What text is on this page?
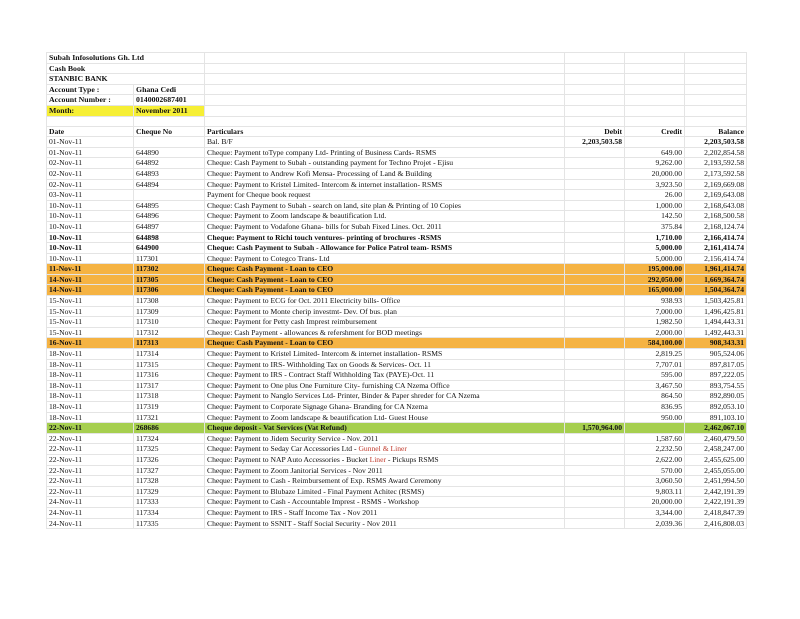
Subah Infosolutions Gh. Ltd					
Cash Book					
STANBIC BANK					
Account Type :	Ghana Cedi				
Account Number :	0140002687401				
Month:	November 2011				

Date	Cheque No	Particulars	Debit	Credit	Balance
01-Nov-11		Bal. B/F	2,203,503.58		2,203,503.58
01-Nov-11	644890	Cheque: Payment toType company Ltd- Printing of Business Cards- RSMS		649.00	2,202,854.58
02-Nov-11	644892	Cheque: Cash Payment to Subah - outstanding payment for Techno Projet - Ejisu		9,262.00	2,193,592.58
02-Nov-11	644893	Cheque: Payment to Andrew Kofi Mensa- Processing of Land & Building		20,000.00	2,173,592.58
02-Nov-11	644894	Cheque: Payment to Kristel Limited- Intercom & internet installation- RSMS		3,923.50	2,169,669.08
03-Nov-11		Payment for Cheque book request		26.00	2,169,643.08
10-Nov-11	644895	Cheque: Cash Payment to Subah - search on land, site plan & Printing of 10 Copies		1,000.00	2,168,643.08
10-Nov-11	644896	Cheque: Payment to Zoom landscape & beautification Ltd.		142.50	2,168,500.58
10-Nov-11	644897	Cheque: Payment to Vodafone Ghana- bills for Subah Fixed Lines. Oct. 2011		375.84	2,168,124.74
10-Nov-11	644898	Cheque: Payment to Richi touch ventures- printing of brochures -RSMS		1,710.00	2,166,414.74
10-Nov-11	644900	Cheque: Cash Payment to Subah - Allowance for Police Patrol team- RSMS		5,000.00	2,161,414.74
10-Nov-11	117301	Cheque: Payment to Cotegco Trans- Ltd		5,000.00	2,156,414.74
11-Nov-11	117302	Cheque: Cash Payment - Loan to CEO		195,000.00	1,961,414.74
14-Nov-11	117305	Cheque: Cash Payment - Loan to CEO		292,050.00	1,669,364.74
14-Nov-11	117306	Cheque: Cash Payment - Loan to CEO		165,000.00	1,504,364.74
15-Nov-11	117308	Cheque: Payment to ECG for Oct. 2011 Electricity bills- Office		938.93	1,503,425.81
15-Nov-11	117309	Cheque: Payment to Monte cherip investmt- Dev. Of bus. plan		7,000.00	1,496,425.81
15-Nov-11	117310	Cheque: Payment for Petty cash Imprest reimbursement		1,982.50	1,494,443.31
15-Nov-11	117312	Cheque: Cash Payment - allowances & refershment for BOD meetings		2,000.00	1,492,443.31
16-Nov-11	117313	Cheque: Cash Payment - Loan to CEO		584,100.00	908,343.31
18-Nov-11	117314	Cheque: Payment to Kristel Limited- Intercom & internet installation- RSMS		2,819.25	905,524.06
18-Nov-11	117315	Cheque: Payment to IRS- Withholding Tax on Goods & Services- Oct. 11		7,707.01	897,817.05
18-Nov-11	117316	Cheque: Payment to IRS - Contract Staff Withholding Tax (PAYE)-Oct. 11		595.00	897,222.05
18-Nov-11	117317	Cheque: Payment to One plus One Furniture City- furnishing CA Nzema Office		3,467.50	893,754.55
18-Nov-11	117318	Cheque: Payment to Nanglo Services Ltd- Printer, Binder & Paper shreder for CA Nzema		864.50	892,890.05
18-Nov-11	117319	Cheque: Payment to Corporate Signage Ghana- Branding for CA Nzema		836.95	892,053.10
18-Nov-11	117321	Cheque: Payment to Zoom landscape & beautification Ltd- Guest House		950.00	891,103.10
22-Nov-11	268686	Cheque deposit - Vat Services (Vat Refund)	1,570,964.00		2,462,067.10
22-Nov-11	117324	Cheque: Payment to Jidem Security Service - Nov. 2011		1,587.60	2,460,479.50
22-Nov-11	117325	Cheque: Payment to Seday Car Accessories Ltd - Gunnel & Liner		2,232.50	2,458,247.00
22-Nov-11	117326	Cheque: Payment to NAP Auto Accessories - Bucket Liner - Pickups RSMS		2,622.00	2,455,625.00
22-Nov-11	117327	Cheque: Payment to Zoom Janitorial Services - Nov 2011		570.00	2,455,055.00
22-Nov-11	117328	Cheque: Payment to Cash - Reimbursement of Exp. RSMS Award Ceremony		3,060.50	2,451,994.50
22-Nov-11	117329	Cheque: Payment to Blubaze Limited - Final Payment Achitec (RSMS)		9,803.11	2,442,191.39
24-Nov-11	117333	Cheque: Payment to Cash - Accountable Imprest - RSMS - Workshop		20,000.00	2,422,191.39
24-Nov-11	117334	Cheque: Payment to IRS - Staff Income Tax - Nov 2011		3,344.00	2,418,847.39
24-Nov-11	117335	Cheque: Payment to SSNIT - Staff Social Security - Nov 2011		2,039.36	2,416,808.03
